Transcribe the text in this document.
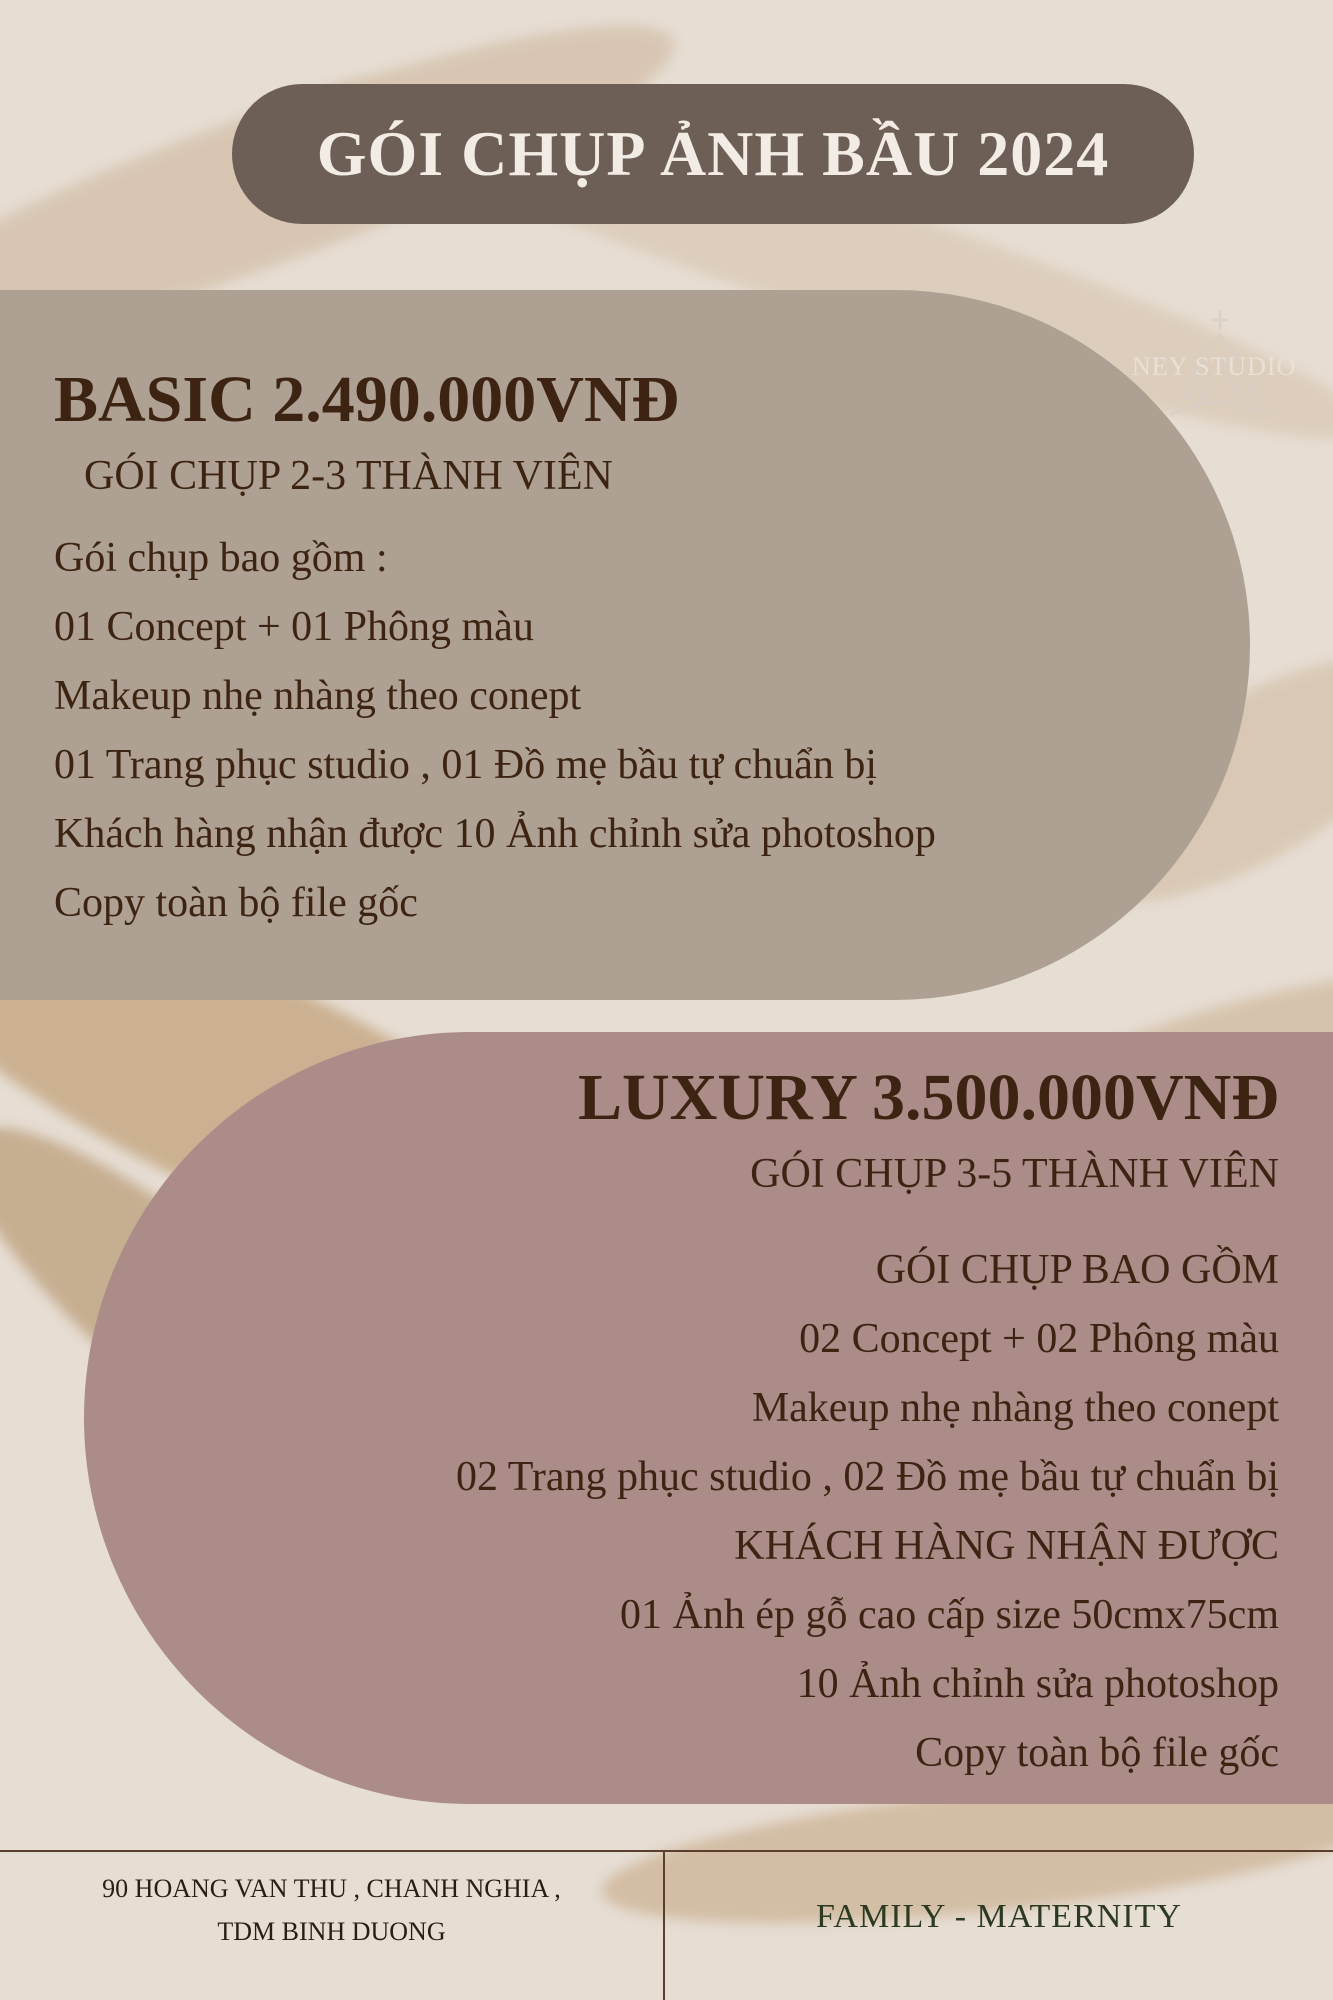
GÓI CHỤP ẢNH BẦU 2024
NEY STUDIO
BASIC 2.490.000VNĐ
GÓI CHỤP 2-3 THÀNH VIÊN
Gói chụp bao gồm :
01 Concept + 01 Phông màu
Makeup nhẹ nhàng theo conept
01 Trang phục studio , 01 Đồ mẹ bầu tự chuẩn bị
Khách hàng nhận được 10 Ảnh chỉnh sửa photoshop
Copy toàn bộ file gốc
LUXURY 3.500.000VNĐ
GÓI CHỤP 3-5 THÀNH VIÊN
GÓI CHỤP BAO GỒM
02 Concept + 02 Phông màu
Makeup nhẹ nhàng theo conept
02 Trang phục studio , 02 Đồ mẹ bầu tự chuẩn bị
KHÁCH HÀNG NHẬN ĐƯỢC
01 Ảnh ép gỗ cao cấp size 50cmx75cm
10 Ảnh chỉnh sửa photoshop
Copy toàn bộ file gốc
90 HOANG VAN THU , CHANH NGHIA ,
TDM BINH DUONG	FAMILY - MATERNITY
